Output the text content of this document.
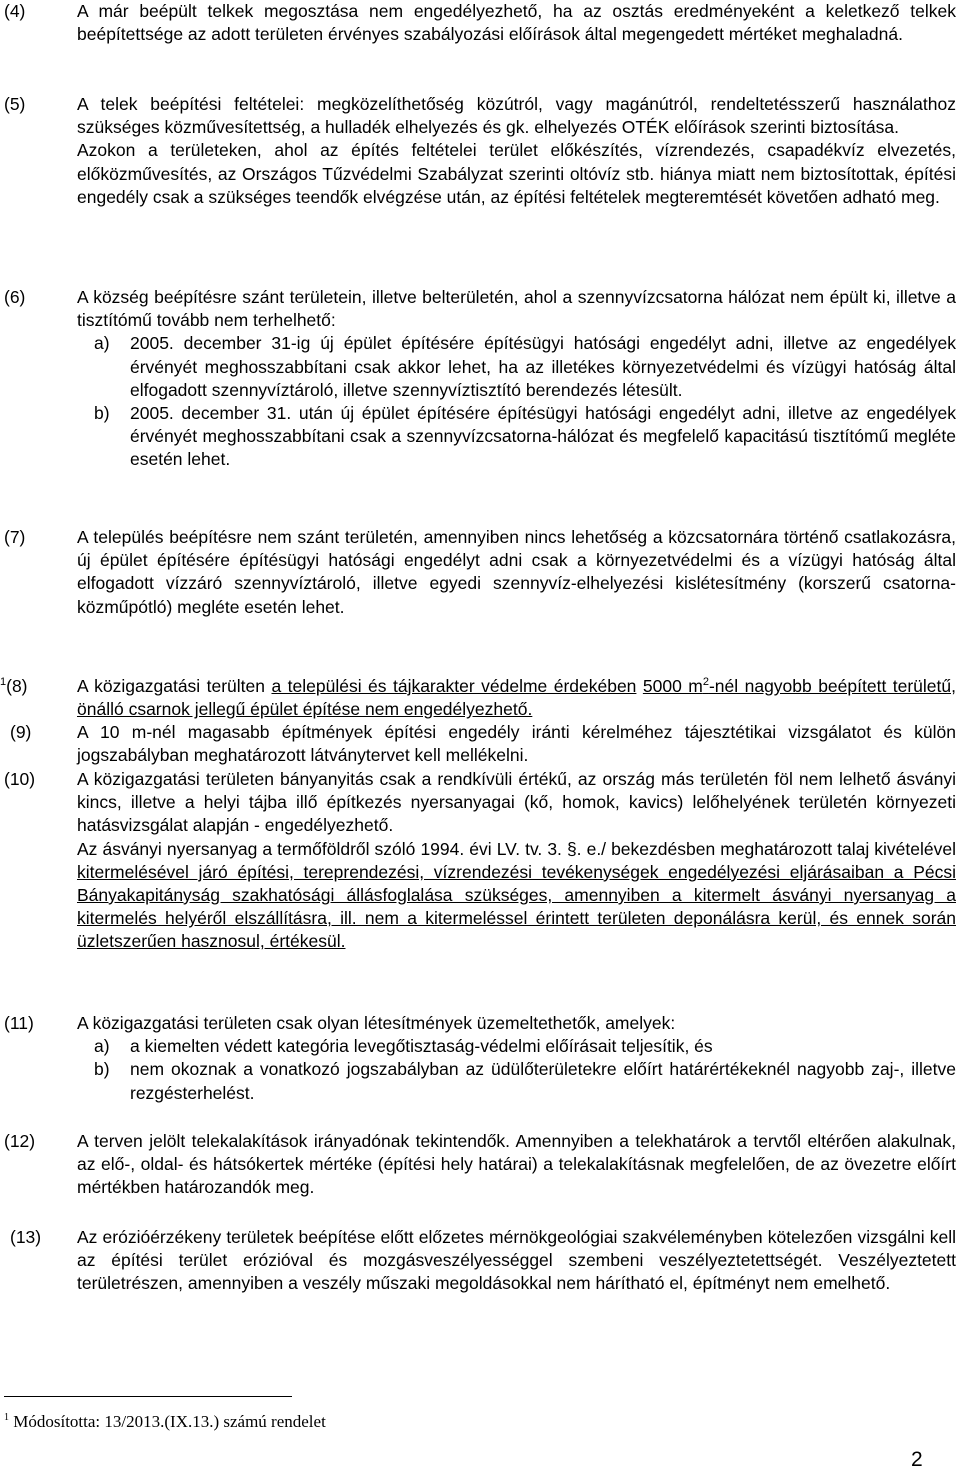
(4)	A már beépült telkek megosztása nem engedélyezhető, ha az osztás eredményeként a keletkező telkek beépítettsége az adott területen érvényes szabályozási előírások által megengedett mértéket meghaladná.
(5)	A telek beépítési feltételei: megközelíthetőség közútról, vagy magánútról, rendeltetésszerű használathoz szükséges közművesítettség, a hulladék elhelyezés és gk. elhelyezés OTÉK előírások szerinti biztosítása.

Azokon a területeken, ahol az építés feltételei terület előkészítés, vízrendezés, csapadékvíz elvezetés, előközművesítés, az Országos Tűzvédelmi Szabályzat szerinti oltóvíz stb. hiánya miatt nem biztosítottak, építési engedély csak a szükséges teendők elvégzése után, az építési feltételek megteremtését követően adható meg.

(6)	A község beépítésre szánt területein, illetve belterületén, ahol a szennyvízcsatorna hálózat nem épült ki, illetve a tisztítómű tovább nem terhelhető:

a) 2005. december 31-ig új épület építésére építésügyi hatósági engedélyt adni, illetve az engedélyek érvényét meghosszabbítani csak akkor lehet, ha az illetékes környezetvédelmi és vízügyi hatóság által elfogadott szennyvíztároló, illetve szennyvíztisztító berendezés létesült.
b) 2005. december 31. után új épület építésére építésügyi hatósági engedélyt adni, illetve az engedélyek érvényét meghosszabbítani csak a szennyvízcsatorna-hálózat és megfelelő kapacitású tisztítómű megléte esetén lehet.
(7)	A település beépítésre nem szánt területén, amennyiben nincs lehetőség a közcsatornára történő csatlakozásra, új épület építésére építésügyi hatósági engedélyt adni csak a környezetvédelmi és a vízügyi hatóság által elfogadott vízzáró szennyvíztároló, illetve egyedi szennyvíz-elhelyezési kislétesítmény (korszerű csatorna-közműpótló) megléte esetén lehet.
$^1$(8)	A közigazgatási terülten a települési és tájkarakter védelme érdekében 5000 $m^2$-nél nagyobb beépített területű, önálló csarnok jellegű épület építése nem engedélyezhető.
(9)	A 10 m-nél magasabb építmények építési engedély iránti kérelméhez tájesztétikai vizsgálatot és külön jogszabályban meghatározott látványtervet kell mellékelni.
(10) A közigazgatási területen bányanyitás csak a rendkívüli értékű, az ország más területén föl nem lelhető ásványi kincs, illetve a helyi tájba illő építkezés nyersanyagai (kő, homok, kavics) lelőhelyének területén környezeti hatásvizsgálat alapján - engedélyezhető.

Az ásványi nyersanyag a termőföldről szóló 1994. évi LV. tv. 3. §. e./ bekezdésben meghatározott talaj kivételével kitermelésével járó építési, tereprendezési, vízrendezési tevékenységek engedélyezési eljárásaiban a Pécsi Bányakapitányság szakhatósági állásfoglalása szükséges, amennyiben a kitermelt ásványi nyersanyag a kitermelés helyéről elszállításra, ill. nem a kitermeléssel érintett területen deponálásra kerül, és ennek során üzletszerűen hasznosul, értékesül.

(11) A közigazgatási területen csak olyan létesítmények üzemeltethetők, amelyek:

a) a kiemelten védett kategória levegőtisztaság-védelmi előírásait teljesítik, és
b) nem okoznak a vonatkozó jogszabályban az üdülőterületekre előírt határértékeknél nagyobb zaj-, illetve rezgésterhelést.
(12) A terven jelölt telekalakítások irányadónak tekintendők. Amennyiben a telekhatárok a tervtől eltérően alakulnak, az elő-, oldal- és hátsókertek mértéke (építési hely határai) a telekalakításnak megfelelően, de az övezetre előírt mértékben határozandók meg.
(13) Az erózióérzékeny területek beépítése előtt előzetes mérnökgeológiai szakvéleményben kötelezően vizsgálni kell az építési terület erózióval és mozgásveszélyességgel szembeni veszélyeztetettségét. Veszélyeztetett területrészen, amennyiben a veszély műszaki megoldásokkal nem hárítható el, építményt nem emelhető.
$^1$ Módosította: 13/2013.(IX.13.) számú rendelet
2
